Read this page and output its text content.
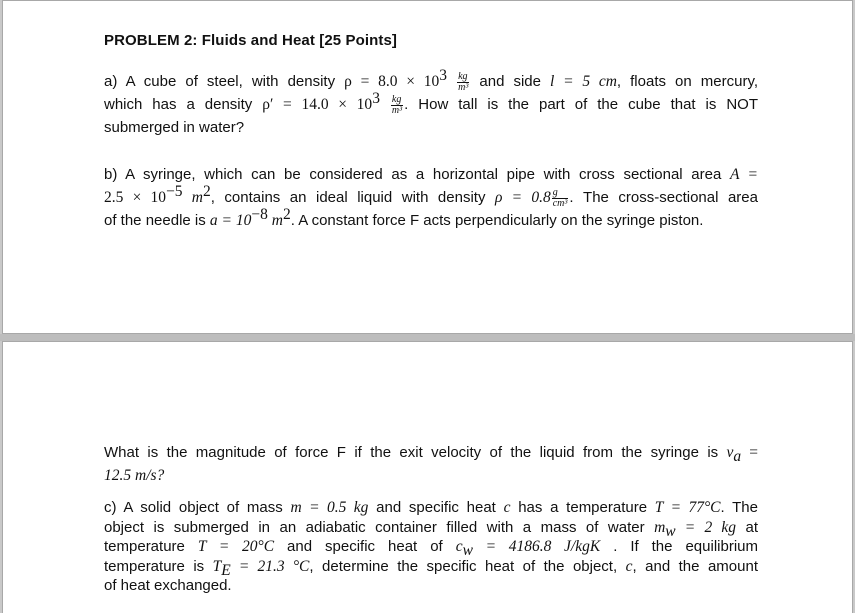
PROBLEM 2: Fluids and Heat [25 Points]
a) A cube of steel, with density $\rho = 8.0 \times 10^3 \frac{kg}{\text{m³}}$ and side l = 5 cm, floats on mercury,
which has a density $\rho' = 14.0 \times 10^3 \frac{kg}{\text{m³}}$ . How tall is the part of the cube that is NOT
submerged in water?
b) A syringe, which can be considered as a horizontal pipe with cross sectional area A =
$2.5 \times 10^{-5}$ $m^2$, contains an ideal liquid with density $\rho = 0.8 \frac{g}{\text{cm³}}$ . The cross-sectional area
of the needle is $a = 10^{-8}$ $m^2$. A constant force F acts perpendicularly on the syringe piston.
What is the magnitude of force F if the exit velocity of the liquid from the syringe is $v_a$ =
12.5 m/s?
c) A solid object of mass m = 0.5 kg and specific heat c has a temperature T = 77°C. The
object is submerged in an adiabatic container filled with a mass of water $m_w = 2$ kg at
temperature T = 20°C and specific heat of $c_w = 4186.8$ J/kgK . If the equilibrium
temperature is $T_E = 21.3$ °C, determine the specific heat of the object, c, and the amount
of heat exchanged.
